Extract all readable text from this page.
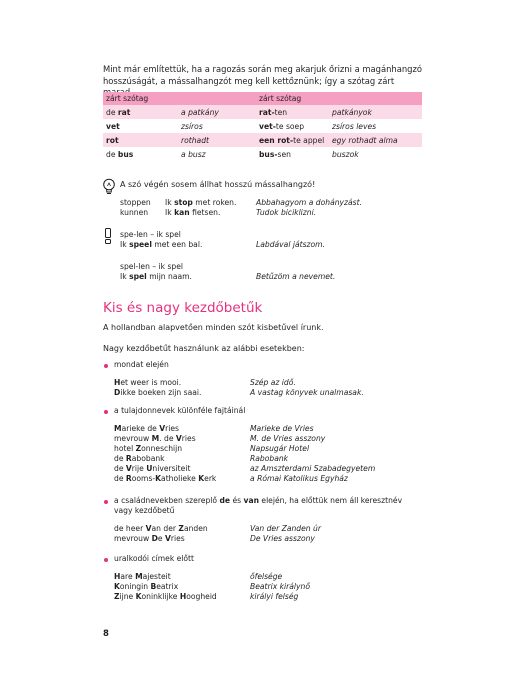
Mint már említettük, ha a ragozás során meg akarjuk őrizni a magánhangzó
hosszúságát, a mássalhangzót meg kell kettőznünk; így a szótag zárt
zárt szótag		zárt szótag	
de rat	a patkány	rat-ten	patkányok
vet	zsíros	vet-te soep	zsíros leves
rot	rothadt	een rot-te appel	egy rothadt alma
de bus	a busz	bus-sen	buszok
A szó végén sosem állhat hosszú mássalhangzó!
stoppen Ik stop met roken.	Abbahagyom a dohányzást.
kunnen Ik kan fietsen.	Tudok biciklizni.
spe-len – ik spel
Ik speel met een bal.	Labdával játszom.
spel-len – ik spel
Ik spel mijn naam.	Betűzöm a nevemet.
Kis és nagy kezdőbetűk
A hollandban alapvetően minden szót kisbetűvel írunk.
Nagy kezdőbetűt használunk az alábbi esetekben:
mondat elején
Het weer is mooi.	Szép az idő.
Dikke boeken zijn saai.	A vastag könyvek unalmasak.
a tulajdonnevek különféle fajtáinál
Marieke de Vries	Marieke de Vries
mevrouw M. de Vries	M. de Vries asszony
hotel Zonneschijn	Napsugár Hotel
de Rabobank	Rabobank
de Vrije Universiteit	az Amszterdami Szabadegyetem
de Rooms-Katholieke Kerk	a Római Katolikus Egyház
a családnevekben szereplő de és van elején, ha előttük nem áll keresztnév
vagy kezdőbetű
de heer Van der Zanden	Van der Zanden úr
mevrouw De Vries	De Vries asszony
uralkodói címek előtt
Hare Majesteit	őfelsége
Koningin Beatrix	Beatrix királynő
Zijne Koninklijke Hoogheid	királyi felség
8
